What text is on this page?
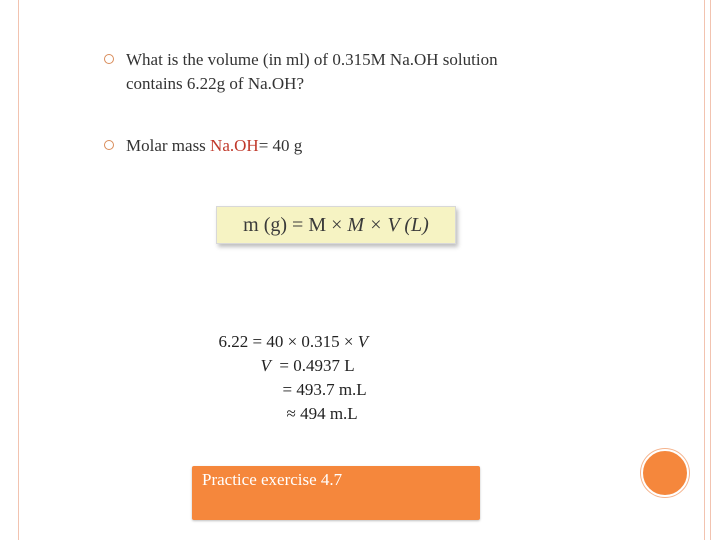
What is the volume (in ml) of 0.315M Na.OH solution
contains 6.22g of Na.OH?
Molar mass Na.OH= 40 g
m (g) = M × M × V (L)

6.22 = 40 × 0.315 × V

V  = 0.4937 L

= 493.7 m.L

≈ 494 m.L

Practice exercise 4.7
